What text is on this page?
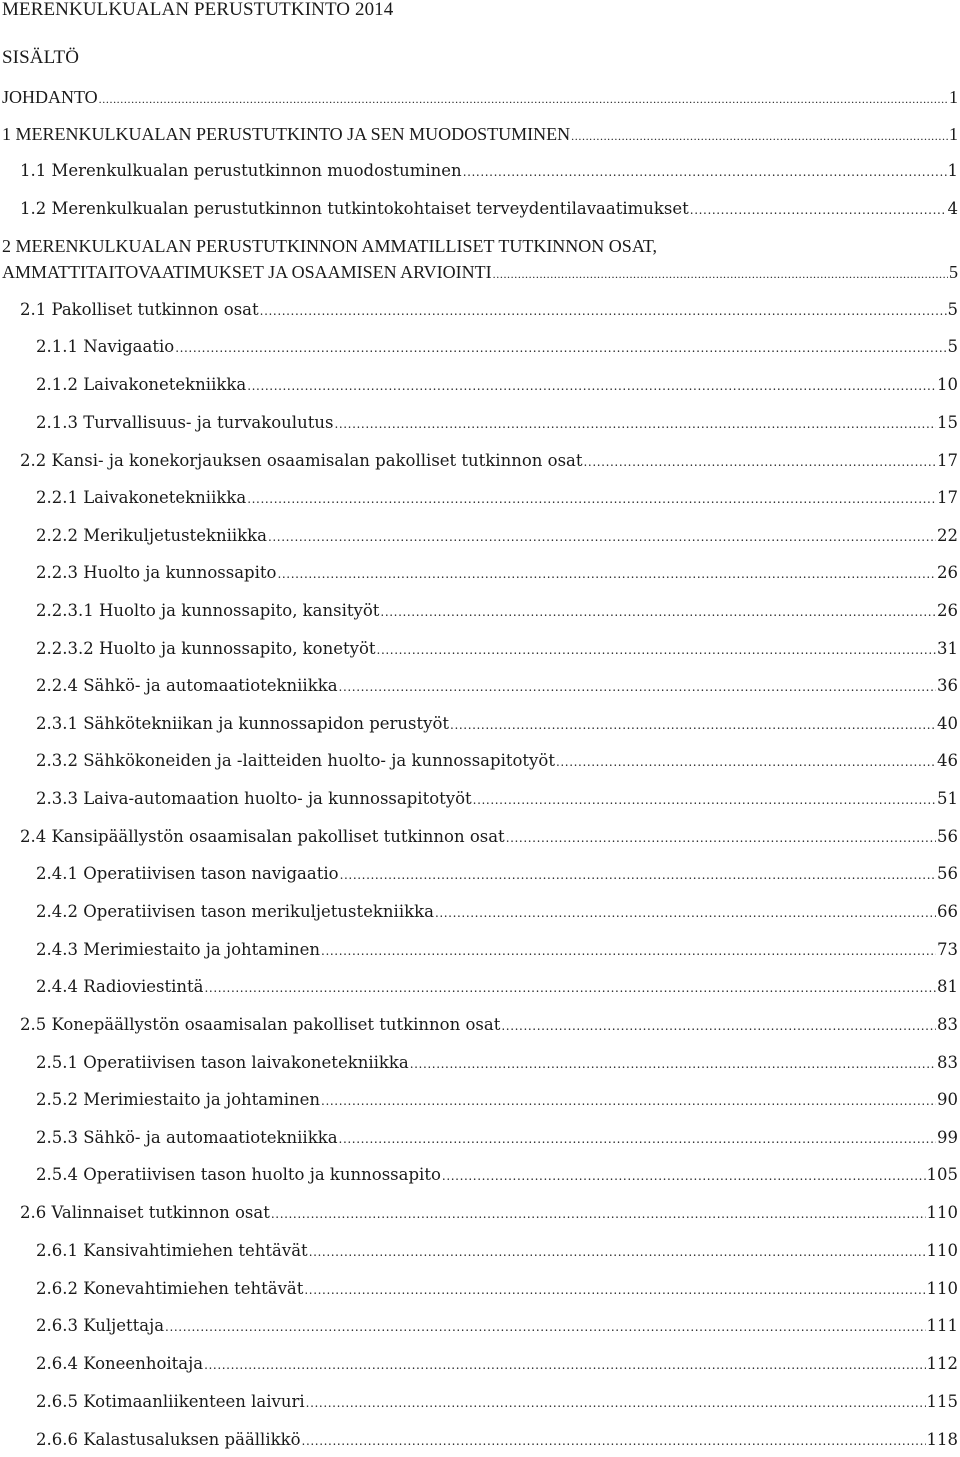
MERENKULKUALAN PERUSTUTKINTO 2014
SISÄLTÖ
JOHDANTO .....	1
1 MERENKULKUALAN PERUSTUTKINTO JA SEN MUODOSTUMINEN .....	1
1.1 Merenkulkualan perustutkinnon muodostuminen .....	1
1.2 Merenkulkualan perustutkinnon tutkintokohtaiset terveydentilavaatimukset .....	4
2 MERENKULKUALAN PERUSTUTKINNON AMMATILLISET TUTKINNON OSAT,
AMMATTITAITOVAATIMUKSET JA OSAAMISEN ARVIOINTI .....	5
2.1 Pakolliset tutkinnon osat .....	5
2.1.1 Navigaatio .....	5
2.1.2 Laivakonetekniikka .....	10
2.1.3 Turvallisuus- ja turvakoulutus .....	15
2.2 Kansi- ja konekorjauksen osaamisalan pakolliset tutkinnon osat .....	17
2.2.1 Laivakonetekniikka .....	17
2.2.2 Merikuljetustekniikka .....	22
2.2.3 Huolto ja kunnossapito .....	26
2.2.3.1 Huolto ja kunnossapito, kansityöt .....	26
2.2.3.2 Huolto ja kunnossapito, konetyöt .....	31
2.2.4 Sähkö- ja automaatiotekniikka .....	36
2.3.1 Sähkötekniikan ja kunnossapidon perustyöt .....	40
2.3.2 Sähkökoneiden ja -laitteiden huolto- ja kunnossapitotyöt .....	46
2.3.3 Laiva-automaation huolto- ja kunnossapitotyöt .....	51
2.4 Kansipäällystön osaamisalan pakolliset tutkinnon osat .....	56
2.4.1 Operatiivisen tason navigaatio .....	56
2.4.2 Operatiivisen tason merikuljetustekniikka .....	66
2.4.3 Merimiestaito ja johtaminen .....	73
2.4.4 Radioviestintä .....	81
2.5 Konepäällystön osaamisalan pakolliset tutkinnon osat .....	83
2.5.1 Operatiivisen tason laivakonetekniikka .....	83
2.5.2 Merimiestaito ja johtaminen .....	90
2.5.3 Sähkö- ja automaatiotekniikka .....	99
2.5.4 Operatiivisen tason huolto ja kunnossapito .....	105
2.6 Valinnaiset tutkinnon osat .....	110
2.6.1 Kansivahtimiehen tehtävät .....	110
2.6.2 Konevahtimiehen tehtävät .....	110
2.6.3 Kuljettaja .....	111
2.6.4 Koneenhoitaja .....	112
2.6.5 Kotimaanliikenteen laivuri .....	115
2.6.6 Kalastusaluksen päällikkö .....	118
